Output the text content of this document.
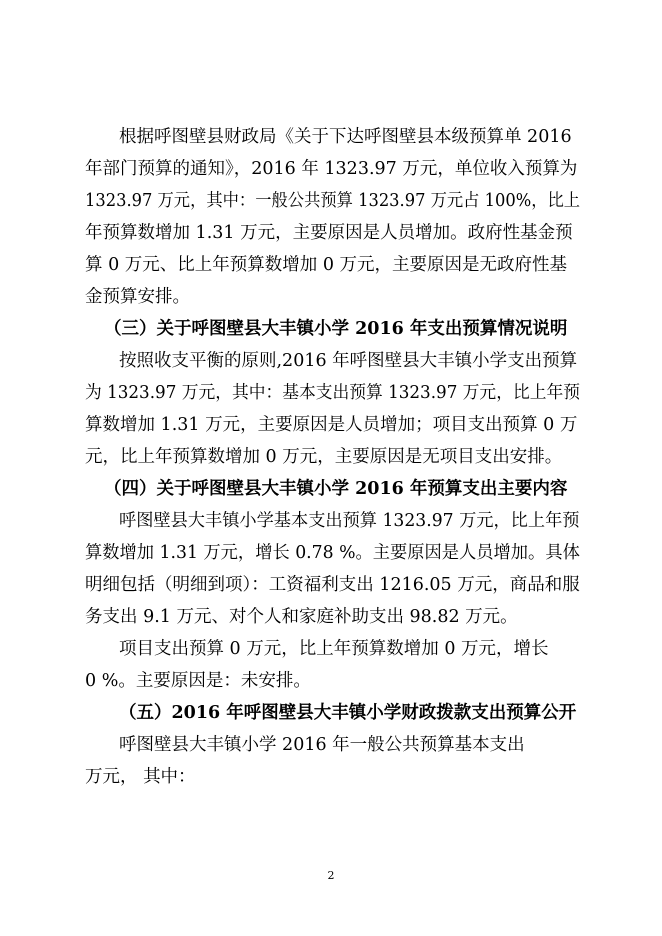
根据呼图壁县财政局《关于下达呼图壁县本级预算单 2016
年部门预算的通知》，2016 年 1323.97 万元，单位收入预算为
1323.97 万元，其中：一般公共预算 1323.97 万元占 100%，比上
年预算数增加 1.31 万元，主要原因是人员增加。政府性基金预
算 0 万元、比上年预算数增加 0 万元，主要原因是无政府性基
金预算安排。
（三）关于呼图壁县大丰镇小学 2016 年支出预算情况说明
按照收支平衡的原则,2016 年呼图壁县大丰镇小学支出预算
为 1323.97 万元，其中：基本支出预算 1323.97 万元，比上年预
算数增加 1.31 万元，主要原因是人员增加；项目支出预算 0 万
元，比上年预算数增加 0 万元，主要原因是无项目支出安排。
（四）关于呼图壁县大丰镇小学 2016 年预算支出主要内容
呼图壁县大丰镇小学基本支出预算 1323.97 万元，比上年预
算数增加 1.31 万元，增长 0.78 %。主要原因是人员增加。具体
明细包括（明细到项）：工资福利支出 1216.05 万元，商品和服
务支出 9.1 万元、对个人和家庭补助支出 98.82 万元。
项目支出预算 0 万元，比上年预算数增加 0 万元，增长
0 %。主要原因是：未安排。
（五）2016 年呼图壁县大丰镇小学财政拨款支出预算公开
呼图壁县大丰镇小学 2016 年一般公共预算基本支出
万元， 其中：
2
